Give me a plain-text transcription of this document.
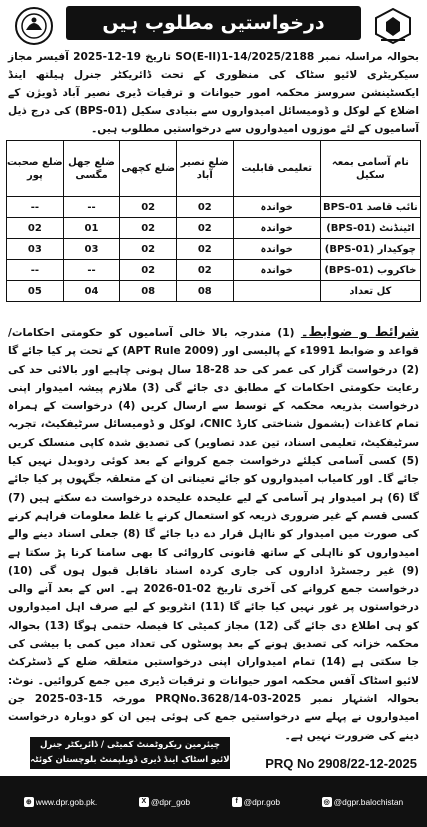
درخواستیں مطلوب ہیں

بحوالہ مراسلہ نمبر SO(E-II)1-14/2025/2188 تاریخ 19-12-2025 آفیسر مجاز سیکریٹری لائیو سٹاک کی منظوری کے تحت ڈائریکٹر جنرل ہیلتھ اینڈ ایکسٹینشن سروسز محکمہ امور حیوانات و ترقیات ڈیری نصیر آباد ڈویژن کے اضلاع کے لوکل و ڈومیسائل امیدواروں سے بنیادی سکیل (BPS-01) کی درج ذیل آسامیوں کے لئے موزوں امیدواروں سے درخواستیں مطلوب ہیں۔

نام آسامی بمعہ سکیل	تعلیمی قابلیت	ضلع نصیر آباد	ضلع کچھی	ضلع جھل مگسی	ضلع صحبت پور
نائب قاصد BPS-01	خواندہ	02	02	--	--
اٹینڈنٹ (BPS-01)	خواندہ	02	02	01	02
چوکیدار (BPS-01)	خواندہ	02	02	03	03
خاکروب (BPS-01)	خواندہ	02	02	--	--
کل تعداد		08	08	04	05

شرائط و ضوابط۔ (1) مندرجہ بالا خالی آسامیوں کو حکومتی احکامات/قواعد و ضوابط 1991ء کے پالیسی اور (APT Rule 2009) کے تحت پر کیا جائے گا (2) درخواست گزار کی عمر کی حد 28-18 سال ہونی چاہیے اور بالائی حد کی رعایت حکومتی احکامات کے مطابق دی جائے گی (3) ملازم پیشہ امیدوار اپنی درخواست بذریعہ محکمہ کے توسط سے ارسال کریں (4) درخواست کے ہمراہ تمام کاغذات (بشمول شناختی کارڈ CNIC، لوکل و ڈومیسائل سرٹیفکیٹ، تجربہ سرٹیفکیٹ، تعلیمی اسناد، تین عدد تصاویر) کی تصدیق شدہ کاپی منسلک کریں (5) کسی آسامی کیلئے درخواست جمع کروانے کے بعد کوئی ردوبدل نہیں کیا جائے گا۔ اور کامیاب امیدواروں کو جائے تعیناتی ان کے متعلقہ جگہوں پر کیا جائے گا (6) ہر امیدوار ہر آسامی کے لیے علیحدہ علیحدہ درخواست دے سکتے ہیں (7) کسی قسم کے غیر ضروری ذریعہ کو استعمال کرنے یا غلط معلومات فراہم کرنے کی صورت میں امیدوار کو نااہل قرار دے دیا جائے گا (8) جعلی اسناد دینے والے امیدواروں کو نااہلی کے ساتھ قانونی کاروائی کا بھی سامنا کرنا پڑ سکتا ہے (9) غیر رجسٹرڈ اداروں کی جاری کردہ اسناد ناقابل قبول ہوں گی (10) درخواست جمع کروانے کی آخری تاریخ 02-01-2026 ہے۔ اس کے بعد آنے والی درخواستوں پر غور نہیں کیا جائے گا (11) انٹرویو کے لیے صرف اہل امیدواروں کو ہی اطلاع دی جائے گی (12) مجاز کمیٹی کا فیصلہ حتمی ہوگا (13) بحوالہ محکمہ خزانہ کی تصدیق ہونے کے بعد پوسٹوں کی تعداد میں کمی یا بیشی کی جا سکتی ہے (14) تمام امیدواران اپنی درخواستیں متعلقہ ضلع کے ڈسٹرکٹ لائیو اسٹاک آفس محکمہ امور حیوانات و ترقیات ڈیری میں جمع کروائیں۔ نوٹ: بحوالہ اشتہار نمبر PRQNo.3628/14-03-2025 مورخہ 15-03-2025 جن امیدواروں نے پہلے سے درخواستیں جمع کی ہوئی ہیں ان کو دوبارہ درخواست دینے کی ضرورت نہیں ہے۔

چیئرمین ریکروٹمنٹ کمیٹی / ڈائریکٹر جنرل
لائیو اسٹاک اینڈ ڈیری ڈویلپمنٹ بلوچستان کوئٹہ	PRQ No 2908/22-12-2025
⊕ www.dpr.gob.pk.	X @dpr_gob	f @dpr.gob	◎ @dgpr.balochistan
